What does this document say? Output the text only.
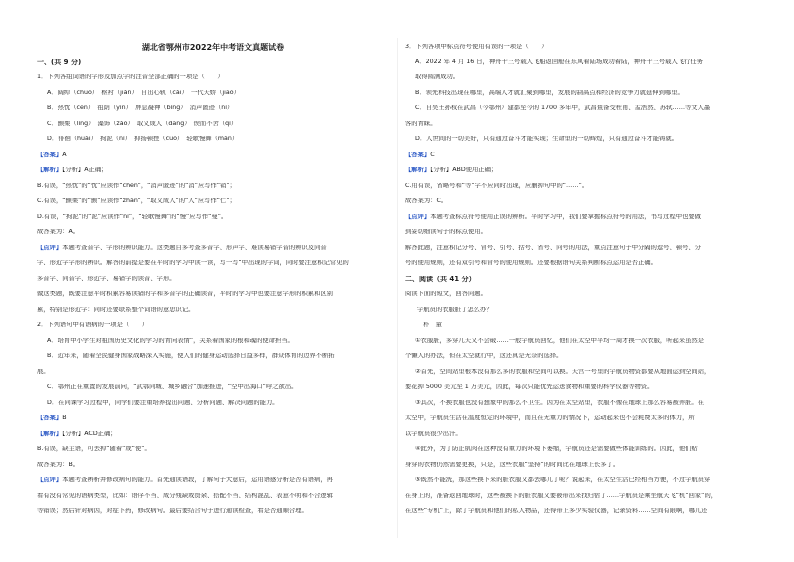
湖北省鄂州市2022年中考语文真题试卷
一、(共 9 分)
1．下列各组词语的字形及加点字的注音全部正确的一项是（　　）
A．阔绰（chuò）　枢衬（jiàn）　自出心轨（cái）　一代天娇（jiāo）
B．热忱（cén）　祖荫（yìn）　屏息凝神（bǐng）　消声匿迹（nì）
C．颤栗（lǐng）　藻饰（zǎo）　取义成人（dāng）　锲而不舍（qì）
D．徘徊（huái）　拘泥（nì）　抑扬顿挫（cuò）　轻歌慢舞（màn）
【答案】A
【解析】【分析】A正确；
B.有误，“热忱”的“忱”应读作“chén”，“消声匿迹”的“消”应写作“销”；
C.有误，“颤栗”的“颤”应读作“zhàn”，“取义成人”的“人”应写作“仁”；
D.有误，“拘泥”的“泥”应读作“nì”，“轻歌慢舞”的“慢”应写作“曼”。
故答案为：A。
【点评】本题考查音字、字形的辨识能力。这类题目多考查多音字、形声字、难读易错字音的辨识及同音
字、形近字字形的辨识。解答的前提是要在平时的学习中读一读，写一写“中出现的字词，同时要注意积记常见的
多音字、同音字、形近字、易错字的读音、字形。
做这类题，既要注意平时积累容易读错的字和多音字的正确读音，平时的学习中也要注意字形的积累和区别
累，特别是形近字：同时还要联系整个词语的意思识记。
2．下列语句中有语病的一项是（　　）
A．培育中小学生对祖国历史文化的学习的青向表情”，关系着国家的根和魂的使命担当。
B．近年来，随着全民健身国家战略深入实施，使人们的健身运动选择日益多样，群众体育的边界不断拓
展。
C．鄂州正在重置的发展前向，“武鄂同城、城乡融合”加速推进，“空中出海口”呼之欲出。
D．在同课学习过程中，同学们要注重培养提出问题、分析问题、解决问题的能力。
【答案】B
【解析】【分析】ACD正确；
B.有误，缺主语，可去掉“随着”或“使”。
故答案为：B。
【点评】本题考查辨析并修改病句的能力。首先通读语段，了解句子大意后，运用语感分析是否有语病，再
看有没有常见的语病类型，比如：语序不当、成分残缺或赘余、搭配不当、结构混乱、表意不明和不合逻辑
等错误；然后针对病因，对症下药，修改病句。最后要结合句子进行通读检查，看是否通顺合理。
3．下列各项中标点符号使用有误的一项是（　　）
A．2022 年 4 月 16 日，神舟十三号载人飞船返回舱在东风着陆场成功着陆，神舟十三号载人飞行任务
取得圆满成功。
B．领先科技出现在哪里，高端人才就汇聚到哪里，发展的制高点和经济的竞争力就延伸到哪里。
C．自吴王孙权在武昌（今鄂州）建都至今的 1700 多年中，武昌鱼备受杜甫、孟浩然、苏轼……等文人墨
客的青睐。
D．人世间的一切美好，只有通过奋斗才能实现；生命里的一切辉煌，只有通过奋斗才能铸就。
【答案】C
【解析】【分析】ABD使用正确；
C.用有误，省略号和“等”字不应同时出现，应删掉句中的“……”。
故答案为：C。
【点评】本题考查标点符号使用正误的辨析。平时学习中，我们要掌握标点符号的用法，书写过程中也要做
到妥切细读句子的标点使用。
解答此题，注意积记分号、冒号、引号、括号、省号、问号的用法，重点注意句子中分隔的逗号、顿号、分
号的使用规则，还有双引号和冒号的使用规则。还要根据语句关系判断标点运用是否正确。
二、阅读（共 41 分）
阅读下面的短文，回答问题。
宇航员的衣服脏了怎么办？
朴　童
①衣服脏，多穿几天又不会破……一般宇航员回忆，他们在太空中平均一周才换一次衣服，听起来虽然是
个懒人的办法，但在太空就行中，这还真是无奈的选择。
②首先，空间站里根本没有那么多的衣服和空间可以换。天宫一号里的宇航员物资都要从地面运到空间站，
要花掉 5000 美元至 1 万美元，因此，每次只能优先运送食物和重要的科学仪器等物资。
③其次，不换衣服也没有想象中的那么不卫生。因为在太空站里，衣服不像在地球上那么容易被弄脏。在
太空中，宇航员生活在温度恒定的环境中，而且在无重力的情况下，运动起来也不会耗费太多的体力，所
以宇航员很少出汗。
④此外，为了防止肌肉在这种没有重力的环境下萎缩，宇航员还是需要做些体能训练的。因此，他们贴
身穿的衣物仍然需要更换，只是，这些衣服“坚持”的时间比在地球上长多了。
⑤既然不能洗，那这些换下来的脏衣服又都去哪儿了呢？说起来，在太空生活已经相当方便，不过宇航员穿
在身上的，准备返回地球时，这些被换下的脏衣服又要被带出来找归宿了……宇航员是乘坐航天飞“机”回家”的，
在这些“专机”上，除了宇航员和他们的私人物品，还得带上多少实验仪器，记录资料……空间有限啊，哪儿还
